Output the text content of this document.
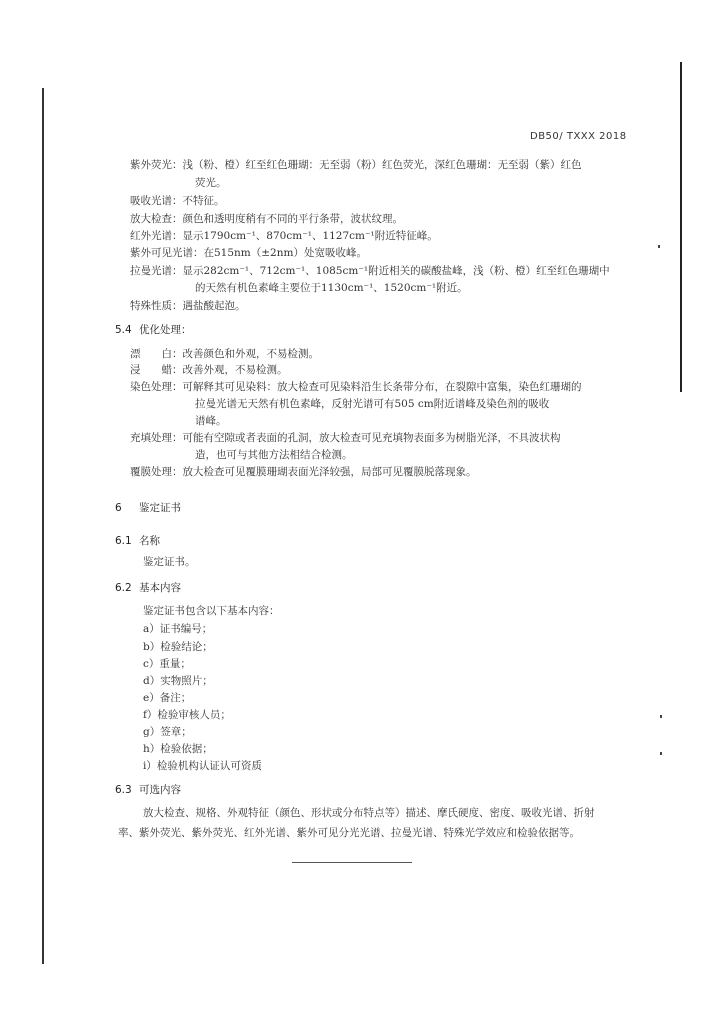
DB50/ TXXX 2018
紫外荧光：浅（粉、橙）红至红色珊瑚：无至弱（粉）红色荧光，深红色珊瑚：无至弱（紫）红色
荧光。
吸收光谱：不特征。
放大检查：颜色和透明度稍有不同的平行条带，波状纹理。
红外光谱：显示1790cm⁻¹、870cm⁻¹、1127cm⁻¹附近特征峰。
紫外可见光谱：在515nm（±2nm）处宽吸收峰。
拉曼光谱：显示282cm⁻¹、712cm⁻¹、1085cm⁻¹附近相关的碳酸盐峰，浅（粉、橙）红至红色珊瑚中
的天然有机色素峰主要位于1130cm⁻¹、1520cm⁻¹附近。
特殊性质：遇盐酸起泡。
5.4 优化处理：
漂　　白：改善颜色和外观，不易检测。
浸　　蜡：改善外观，不易检测。
染色处理：可解释其可见染料：放大检查可见染料沿生长条带分布，在裂隙中富集，染色红珊瑚的
拉曼光谱无天然有机色素峰，反射光谱可有505 cm附近谱峰及染色剂的吸收
谱峰。
充填处理：可能有空隙或者表面的孔洞，放大检查可见充填物表面多为树脂光泽，不具波状构
造，也可与其他方法相结合检测。
覆膜处理：放大检查可见覆膜珊瑚表面光泽较强，局部可见覆膜脱落现象。
6 鉴定证书
6.1 名称
鉴定证书。
6.2 基本内容
鉴定证书包含以下基本内容：
a）证书编号；
b）检验结论；
c）重量；
d）实物照片；
e）备注；
f）检验审核人员；
g）签章；
h）检验依据；
i）检验机构认证认可资质
6.3 可选内容
放大检查、规格、外观特征（颜色、形状或分布特点等）描述、摩氏硬度、密度、吸收光谱、折射
率、紫外荧光、紫外荧光、红外光谱、紫外可见分光光谱、拉曼光谱、特殊光学效应和检验依据等。
